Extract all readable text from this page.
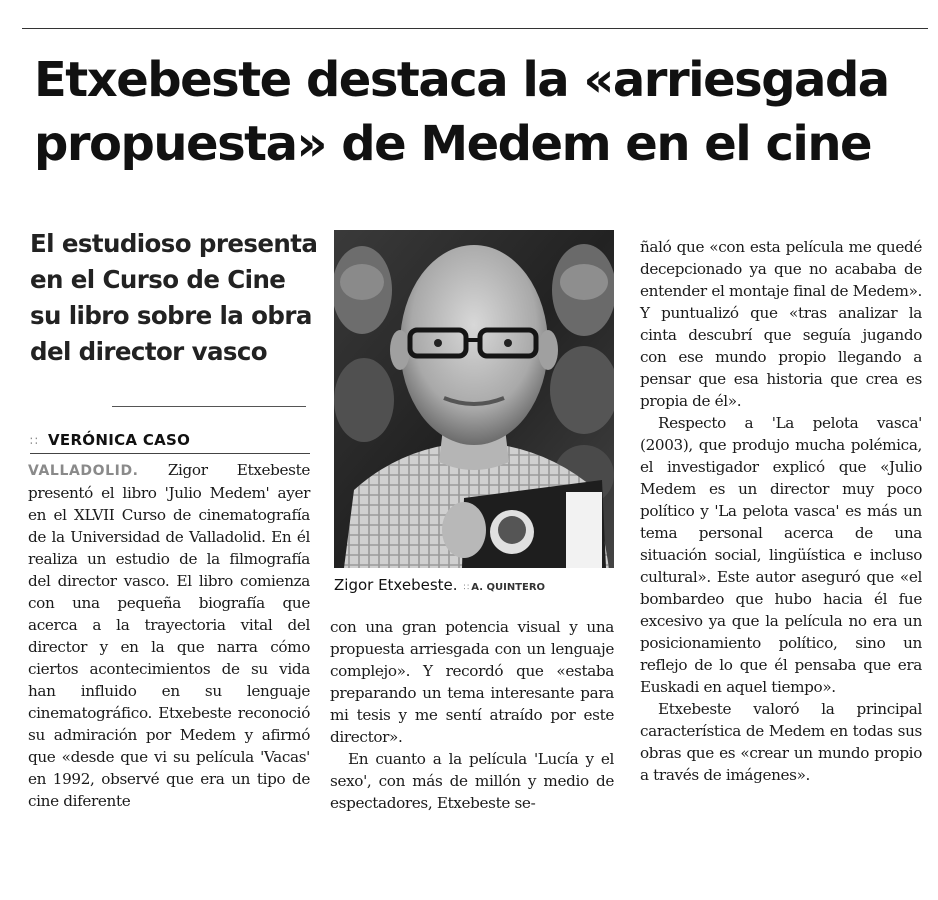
Etxebeste destaca la «arriesgada propuesta» de Medem en el cine
El estudioso presenta en el Curso de Cine su libro sobre la obra del director vasco
∷ VERÓNICA CASO

VALLADOLID. Zigor Etxebeste presentó el libro 'Julio Medem' ayer en el XLVII Curso de cinematografía de la Universidad de Valladolid. En él realiza un estudio de la filmografía del director vasco. El libro comienza con una pequeña biografía que acerca a la trayectoria vital del director y en la que narra cómo ciertos acontecimientos de su vida han influido en su lenguaje cinematográfico. Etxebeste reconoció su admiración por Medem y afirmó que «desde que vi su película 'Vacas' en 1992, observé que era un tipo de cine diferente

Zigor Etxebeste. ∷ A. QUINTERO

con una gran potencia visual y una propuesta arriesgada con un lenguaje complejo». Y recordó que «estaba preparando un tema interesante para mi tesis y me sentí atraído por este director».

En cuanto a la película 'Lucía y el sexo', con más de millón y medio de espectadores, Etxebeste se-

ñaló que «con esta película me quedé decepcionado ya que no acababa de entender el montaje final de Medem». Y puntualizó que «tras analizar la cinta descubrí que seguía jugando con ese mundo propio llegando a pensar que esa historia que crea es propia de él».

Respecto a 'La pelota vasca' (2003), que produjo mucha polémica, el investigador explicó que «Julio Medem es un director muy poco político y 'La pelota vasca' es más un tema personal acerca de una situación social, lingüística e incluso cultural». Este autor aseguró que «el bombardeo que hubo hacia él fue excesivo ya que la película no era un posicionamiento político, sino un reflejo de lo que él pensaba que era Euskadi en aquel tiempo».

Etxebeste valoró la principal característica de Medem en todas sus obras que es «crear un mundo propio a través de imágenes».
